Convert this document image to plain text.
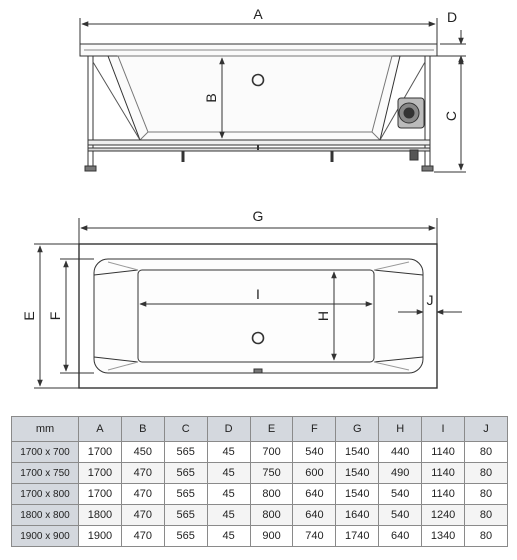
A	D
B
C
G
E F
I
H
J
mm	A	B	C	D	E	F	G	H	I	J
1700 x 700	1700	450	565	45	700	540	1540	440	1140	80
1700 x 750	1700	470	565	45	750	600	1540	490	1140	80
1700 x 800	1700	470	565	45	800	640	1540	540	1140	80
1800 x 800	1800	470	565	45	800	640	1640	540	1240	80
1900 x 900	1900	470	565	45	900	740	1740	640	1340	80
